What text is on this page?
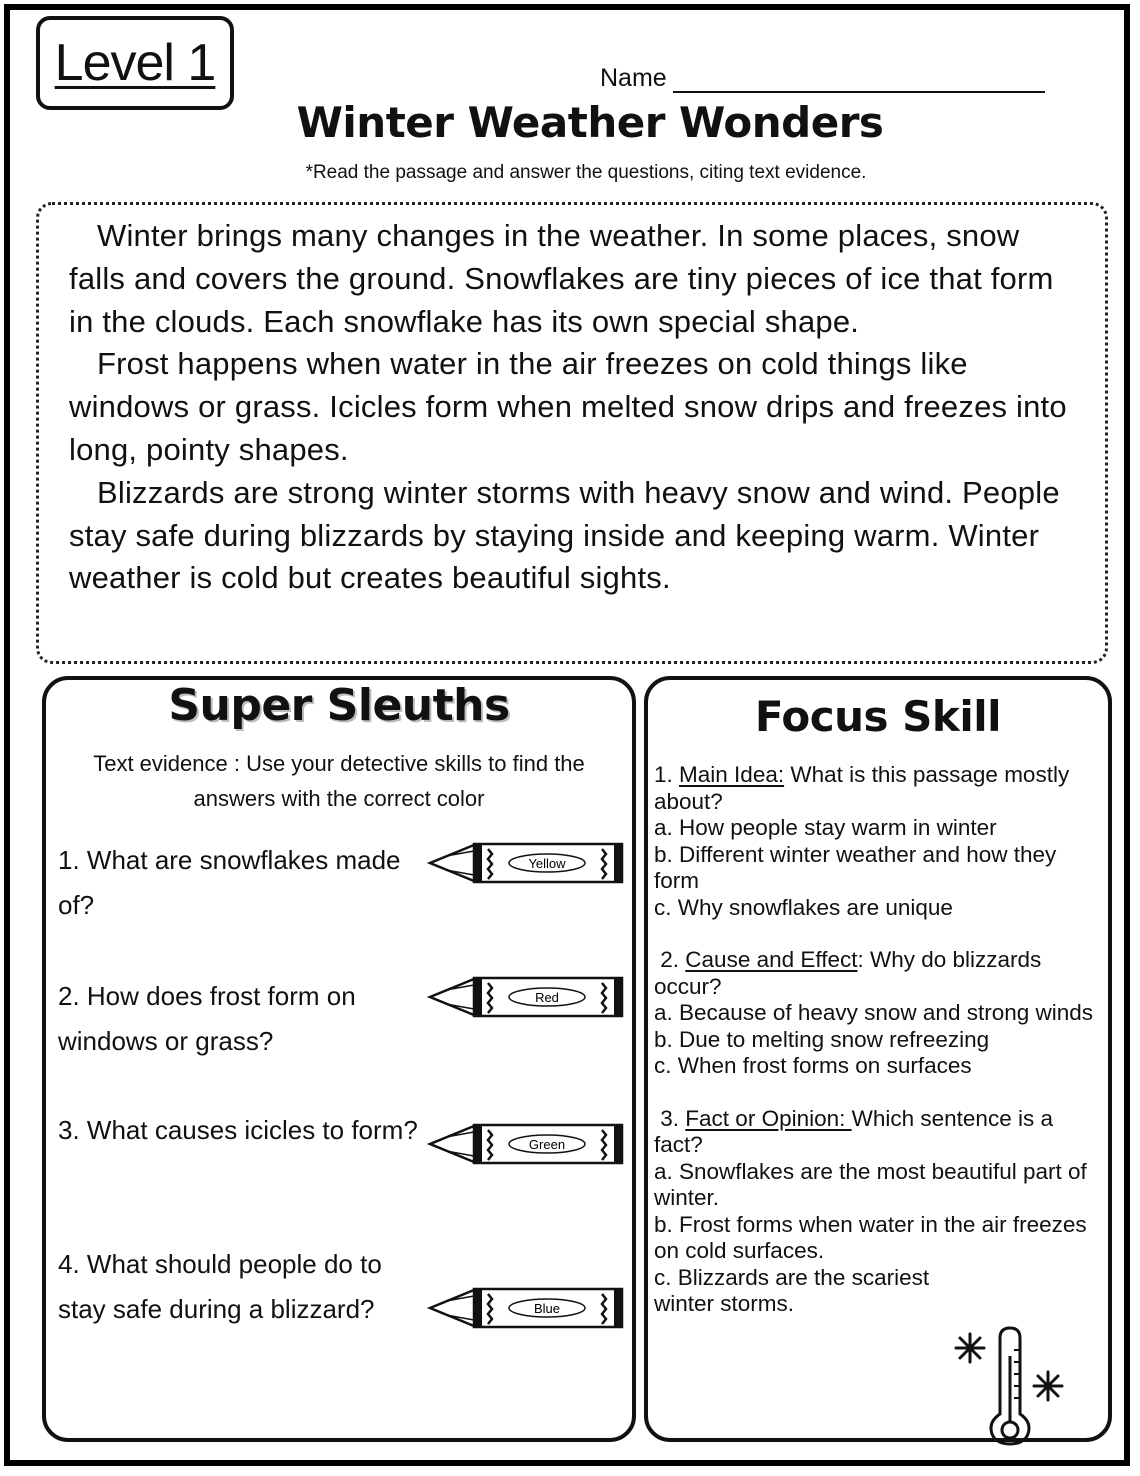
Level 1	Name
Winter Weather Wonders
*Read the passage and answer the questions, citing text evidence.

Winter brings many changes in the weather. In some places, snow falls and covers the ground. Snowflakes are tiny pieces of ice that form in the clouds. Each snowflake has its own special shape.

Frost happens when water in the air freezes on cold things like windows or grass. Icicles form when melted snow drips and freezes into long, pointy shapes.

Blizzards are strong winter storms with heavy snow and wind. People stay safe during blizzards by staying inside and keeping warm. Winter weather is cold but creates beautiful sights.

Super Sleuths
Text evidence : Use your detective skills to find the answers with the correct color
1. What are snowflakes made of?
Yellow
2. How does frost form on windows or grass?
Red
3. What causes icicles to form?	Green
4. What should people do to stay safe during a blizzard?	Blue
Focus Skill
1. Main Idea: What is this passage mostly about?
a. How people stay warm in winter
b. Different winter weather and how they form
c. Why snowflakes are unique
2. Cause and Effect: Why do blizzards occur?
a. Because of heavy snow and strong winds
b. Due to melting snow refreezing
c. When frost forms on surfaces
3. Fact or Opinion: Which sentence is a fact?
a. Snowflakes are the most beautiful part of winter.
b. Frost forms when water in the air freezes on cold surfaces.
c. Blizzards are the scariest winter storms.
